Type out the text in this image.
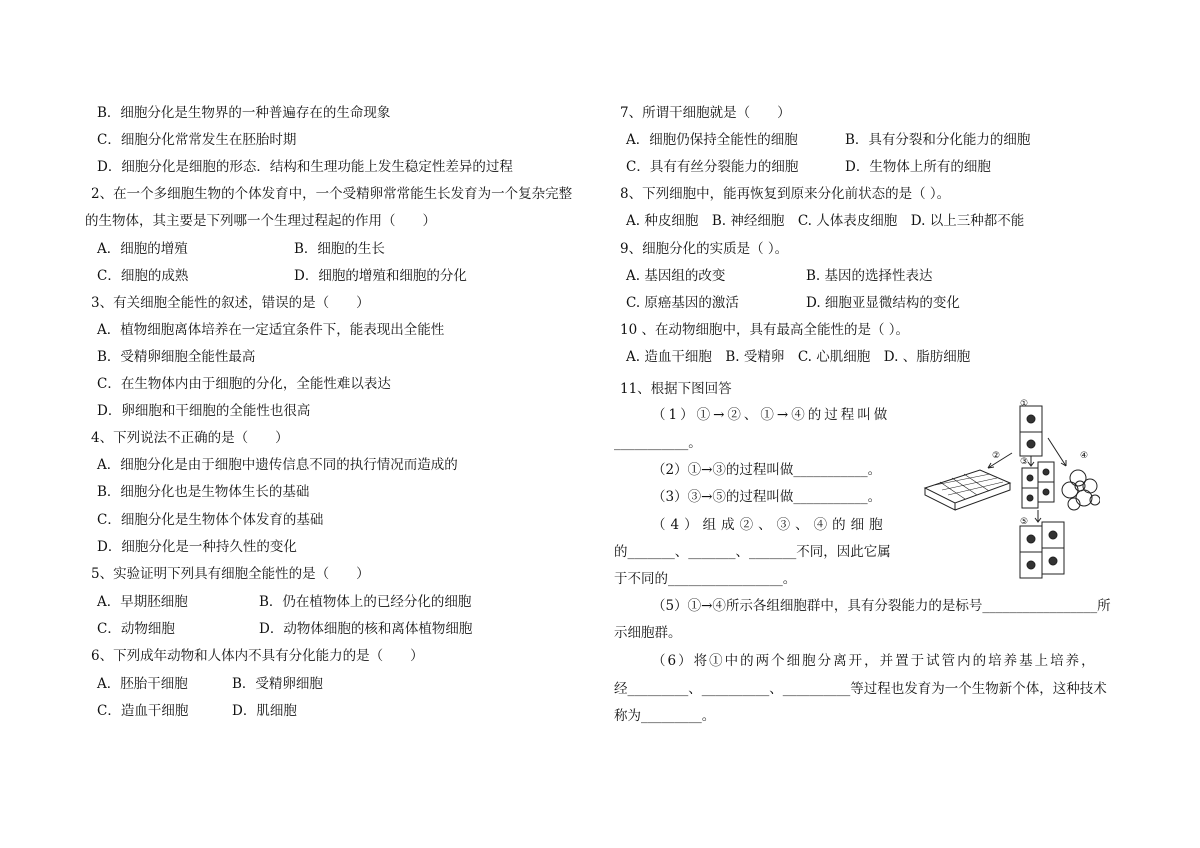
B．细胞分化是生物界的一种普遍存在的生命现象
C．细胞分化常常发生在胚胎时期
D．细胞分化是细胞的形态．结构和生理功能上发生稳定性差异的过程
2、在一个多细胞生物的个体发育中，一个受精卵常常能生长发育为一个复杂完整
的生物体，其主要是下列哪一个生理过程起的作用（　　）
A．细胞的增殖	B．细胞的生长
C．细胞的成熟	D．细胞的增殖和细胞的分化
3、有关细胞全能性的叙述，错误的是（　　）
A．植物细胞离体培养在一定适宜条件下，能表现出全能性
B．受精卵细胞全能性最高
C．在生物体内由于细胞的分化，全能性难以表达
D．卵细胞和干细胞的全能性也很高
4、下列说法不正确的是（　　）
A．细胞分化是由于细胞中遗传信息不同的执行情况而造成的
B．细胞分化也是生物体生长的基础
C．细胞分化是生物体个体发育的基础
D．细胞分化是一种持久性的变化
5、实验证明下列具有细胞全能性的是（　　）
A．早期胚细胞	B．仍在植物体上的已经分化的细胞
C．动物细胞	D．动物体细胞的核和离体植物细胞
6、下列成年动物和人体内不具有分化能力的是（　　）
A．胚胎干细胞	B．受精卵细胞
C．造血干细胞	D．肌细胞
7、所谓干细胞就是（　　）
A．细胞仍保持全能性的细胞	B．具有分裂和分化能力的细胞
C．具有有丝分裂能力的细胞	D．生物体上所有的细胞
8、下列细胞中，能再恢复到原来分化前状态的是（ ）。
A. 种皮细胞　B. 神经细胞　C. 人体表皮细胞　D. 以上三种都不能
9、细胞分化的实质是（ ）。
A. 基因组的改变	B. 基因的选择性表达
C. 原癌基因的激活	D. 细胞亚显微结构的变化
10 、在动物细胞中，具有最高全能性的是（ ）。
A. 造血干细胞　B. 受精卵　C. 心肌细胞　D. 、脂肪细胞
11、根据下图回答
（1）①→②、①→④的过程叫做
___________。
（2）①→③的过程叫做___________。
（3）③→⑤的过程叫做___________。
（4）组成②、③、④的细胞
的_______、_______、_______不同，因此它属
于不同的_________________。
（5）①→④所示各组细胞群中，具有分裂能力的是标号_________________所
示细胞群。
（6）将①中的两个细胞分离开，并置于试管内的培养基上培养，
经_________、__________、__________等过程也发育为一个生物新个体，这种技术
称为_________。
①
②
③
④
⑤
